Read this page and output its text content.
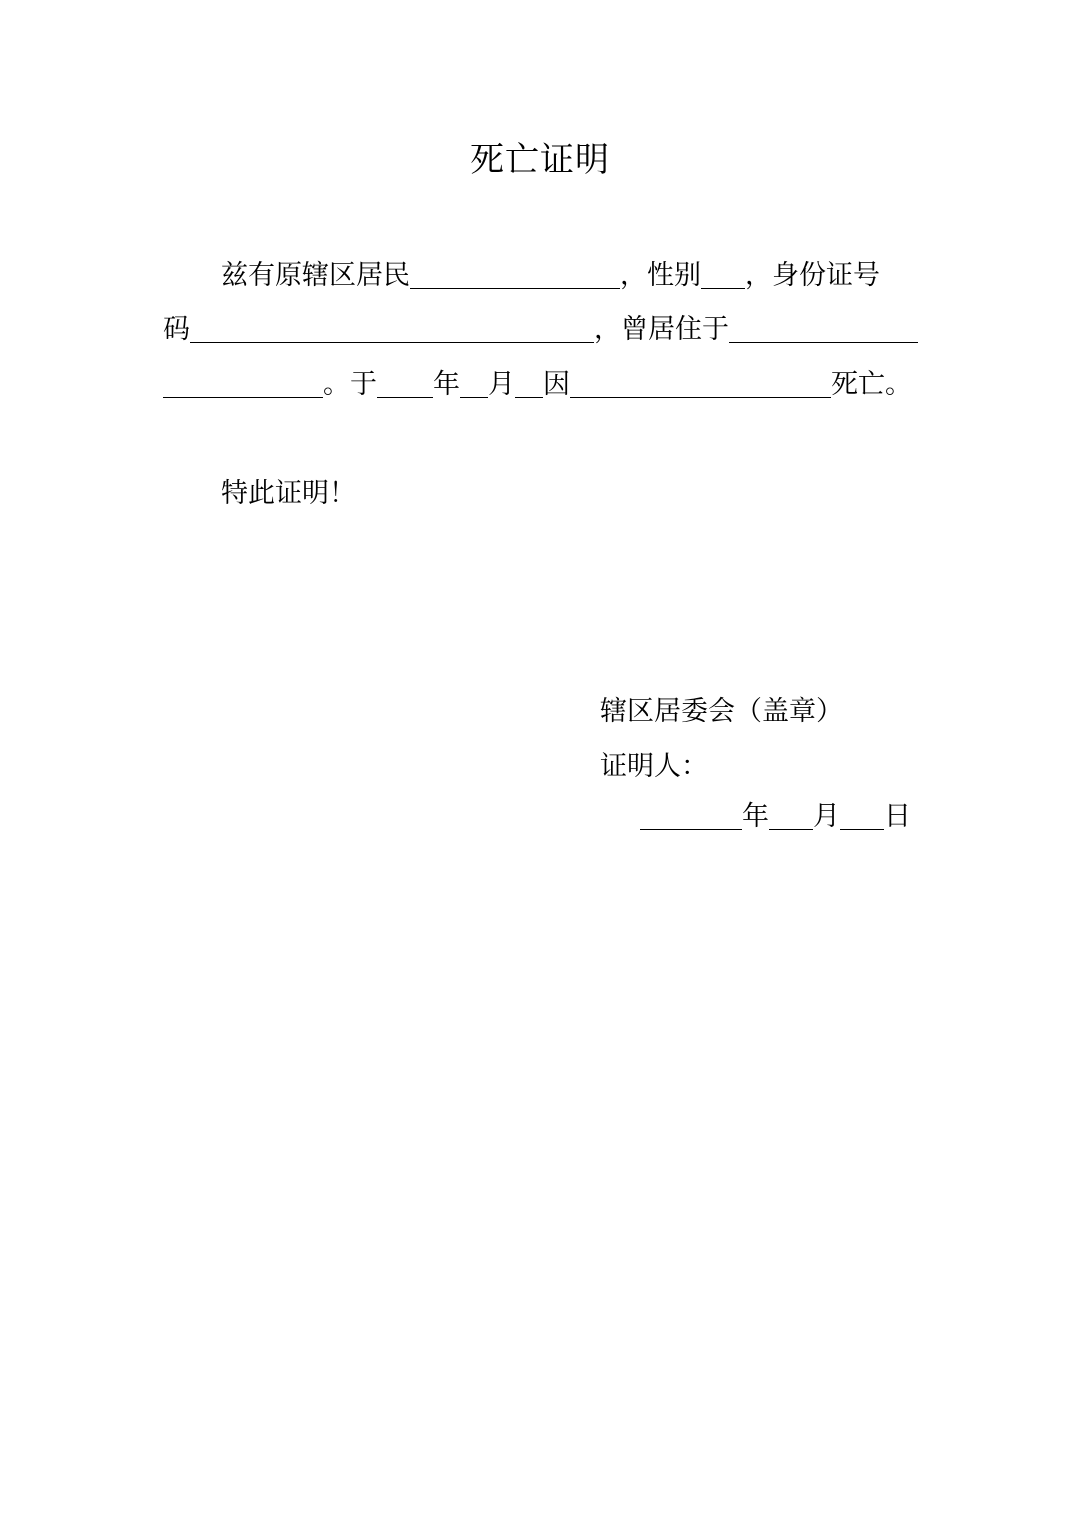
死亡证明
兹有原辖区居民	，性别 ，身份证号
码	，曾居住于
。于 年 月 因	死亡。
特此证明！
辖区居委会（盖章）
证明人：
年 月 日
